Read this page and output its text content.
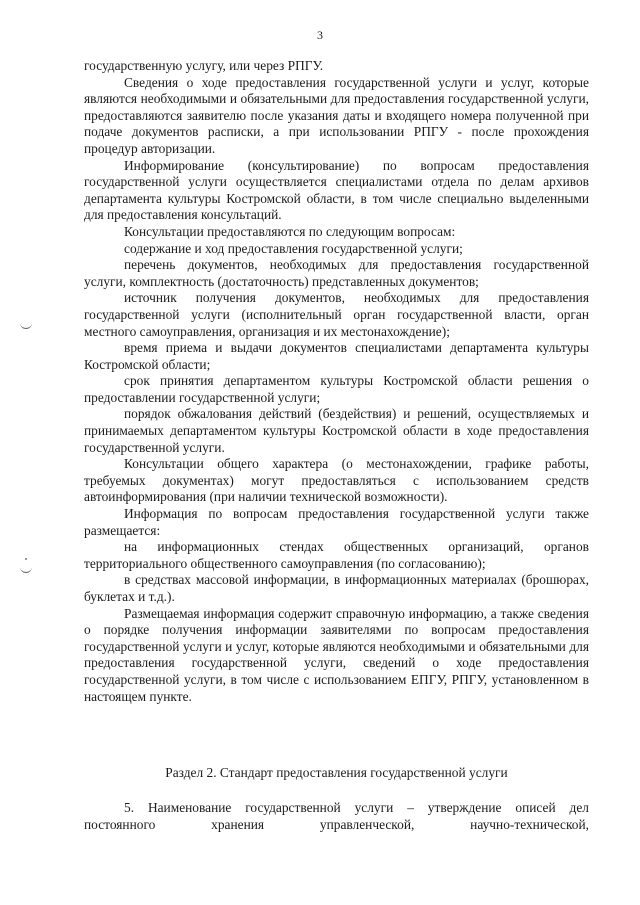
3

государственную услугу, или через РПГУ.

Сведения о ходе предоставления государственной услуги и услуг, которые являются необходимыми и обязательными для предоставления государственной услуги, предоставляются заявителю после указания даты и входящего номера полученной при подаче документов расписки, а при использовании РПГУ - после прохождения процедур авторизации.

Информирование (консультирование) по вопросам предоставления государственной услуги осуществляется специалистами отдела по делам архивов департамента культуры Костромской области, в том числе специально выделенными для предоставления консультаций.

Консультации предоставляются по следующим вопросам:

содержание и ход предоставления государственной услуги;

перечень документов, необходимых для предоставления государственной услуги, комплектность (достаточность) представленных документов;

источник получения документов, необходимых для предоставления государственной услуги (исполнительный орган государственной власти, орган местного самоуправления, организация и их местонахождение);

время приема и выдачи документов специалистами департамента культуры Костромской области;

срок принятия департаментом культуры Костромской области решения о предоставлении государственной услуги;

порядок обжалования действий (бездействия) и решений, осуществляемых и принимаемых департаментом культуры Костромской области в ходе предоставления государственной услуги.

Консультации общего характера (о местонахождении, графике работы, требуемых документах) могут предоставляться с использованием средств автоинформирования (при наличии технической возможности).

Информация по вопросам предоставления государственной услуги также размещается:

на информационных стендах общественных организаций, органов территориального общественного самоуправления (по согласованию);

в средствах массовой информации, в информационных материалах (брошюрах, буклетах и т.д.).

Размещаемая информация содержит справочную информацию, а также сведения о порядке получения информации заявителями по вопросам предоставления государственной услуги и услуг, которые являются необходимыми и обязательными для предоставления государственной услуги, сведений о ходе предоставления государственной услуги, в том числе с использованием ЕПГУ, РПГУ, установленном в настоящем пункте.

Раздел 2. Стандарт предоставления государственной услуги

5. Наименование государственной услуги – утверждение описей дел постоянного хранения управленческой, научно-технической,
